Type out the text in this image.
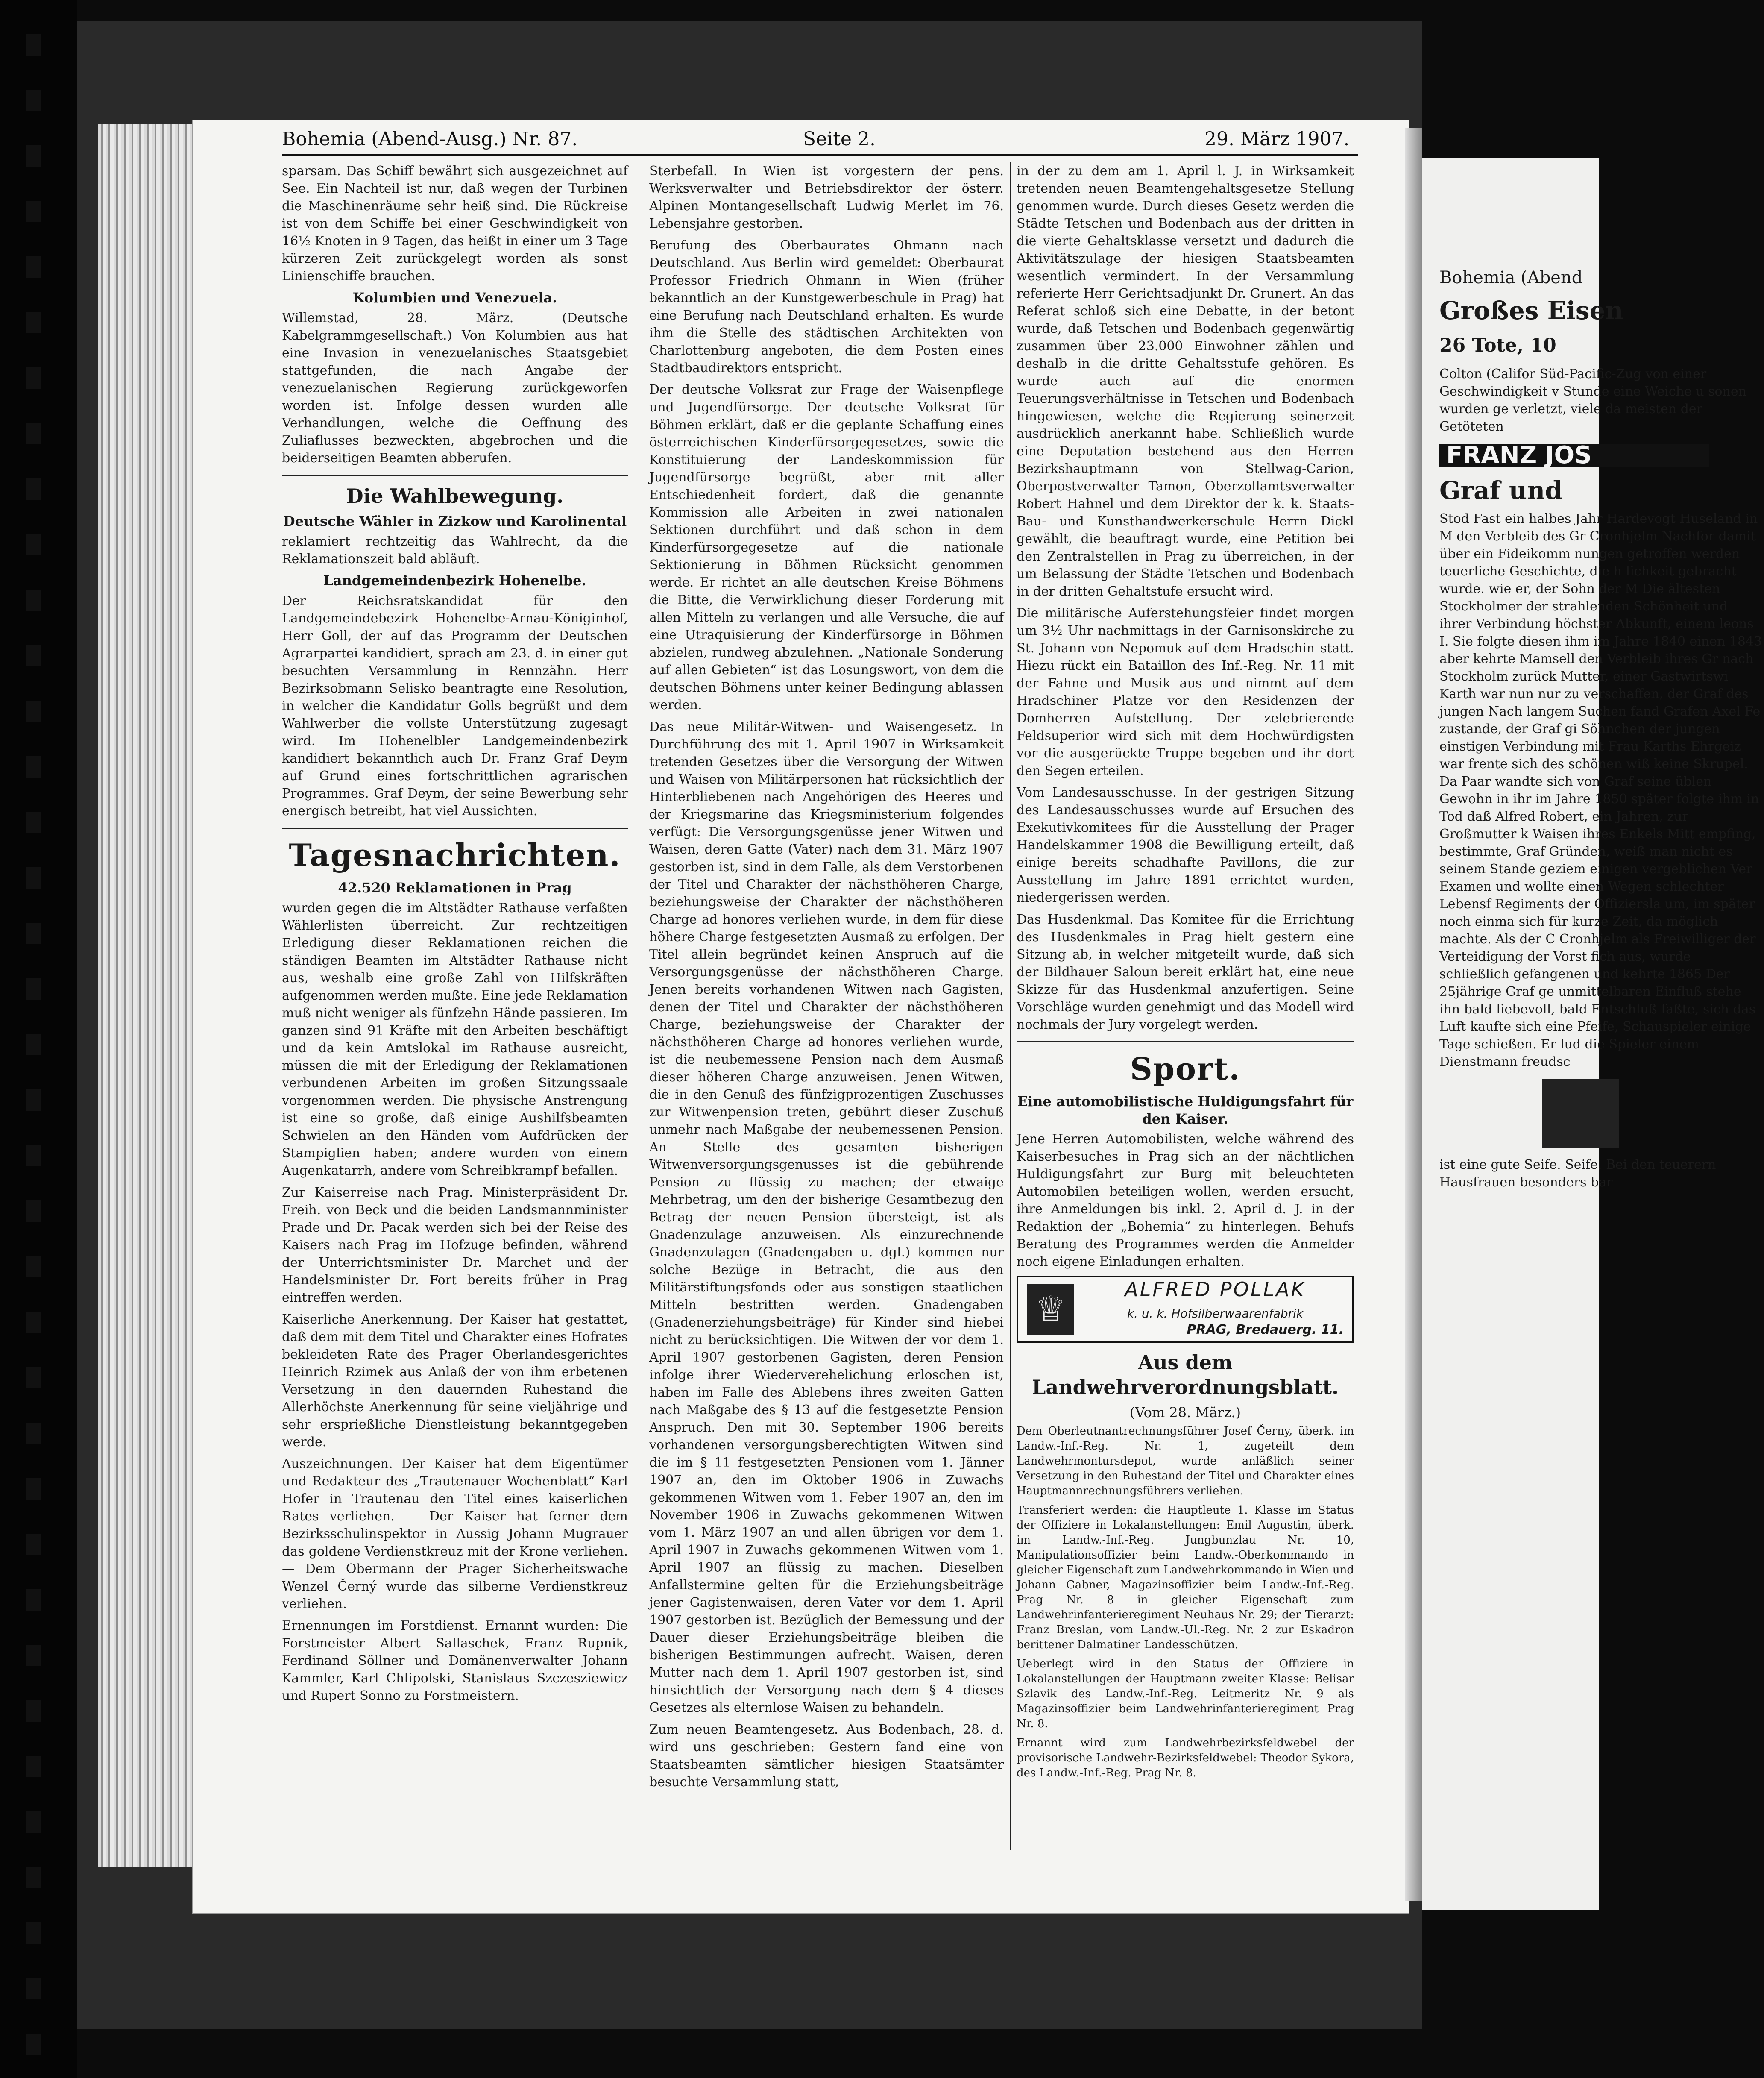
Bohemia (Abend-Ausg.) Nr. 87.	Seite 2.	29. März 1907.

sparsam. Das Schiff bewährt sich ausgezeichnet auf See. Ein Nachteil ist nur, daß wegen der Turbinen die Maschinenräume sehr heiß sind. Die Rückreise ist von dem Schiffe bei einer Geschwindigkeit von 16½ Knoten in 9 Tagen, das heißt in einer um 3 Tage kürzeren Zeit zurückgelegt worden als sonst Linienschiffe brauchen.

Kolumbien und Venezuela.

Willemstad, 28. März. (Deutsche Kabelgrammgesellschaft.) Von Kolumbien aus hat eine Invasion in venezuelanisches Staatsgebiet stattgefunden, die nach Angabe der venezuelanischen Regierung zurückgeworfen worden ist. Infolge dessen wurden alle Verhandlungen, welche die Oeffnung des Zuliaflusses bezweckten, abgebrochen und die beiderseitigen Beamten abberufen.

Die Wahlbewegung.
Deutsche Wähler in Zizkow und Karolinental

reklamiert rechtzeitig das Wahlrecht, da die Reklamationszeit bald abläuft.

Landgemeindenbezirk Hohenelbe.

Der Reichsratskandidat für den Landgemeindebezirk Hohenelbe-Arnau-Königinhof, Herr Goll, der auf das Programm der Deutschen Agrarpartei kandidiert, sprach am 23. d. in einer gut besuchten Versammlung in Rennzähn. Herr Bezirksobmann Selisko beantragte eine Resolution, in welcher die Kandidatur Golls begrüßt und dem Wahlwerber die vollste Unterstützung zugesagt wird. Im Hohenelbler Landgemeindenbezirk kandidiert bekanntlich auch Dr. Franz Graf Deym auf Grund eines fortschrittlichen agrarischen Programmes. Graf Deym, der seine Bewerbung sehr energisch betreibt, hat viel Aussichten.

Tagesnachrichten.
42.520 Reklamationen in Prag

wurden gegen die im Altstädter Rathause verfaßten Wählerlisten überreicht. Zur rechtzeitigen Erledigung dieser Reklamationen reichen die ständigen Beamten im Altstädter Rathause nicht aus, weshalb eine große Zahl von Hilfskräften aufgenommen werden mußte. Eine jede Reklamation muß nicht weniger als fünfzehn Hände passieren. Im ganzen sind 91 Kräfte mit den Arbeiten beschäftigt und da kein Amtslokal im Rathause ausreicht, müssen die mit der Erledigung der Reklamationen verbundenen Arbeiten im großen Sitzungssaale vorgenommen werden. Die physische Anstrengung ist eine so große, daß einige Aushilfsbeamten Schwielen an den Händen vom Aufdrücken der Stampiglien haben; andere wurden von einem Augenkatarrh, andere vom Schreibkrampf befallen.

Zur Kaiserreise nach Prag. Ministerpräsident Dr. Freih. von Beck und die beiden Landsmannminister Prade und Dr. Pacak werden sich bei der Reise des Kaisers nach Prag im Hofzuge befinden, während der Unterrichtsminister Dr. Marchet und der Handelsminister Dr. Fort bereits früher in Prag eintreffen werden.

Kaiserliche Anerkennung. Der Kaiser hat gestattet, daß dem mit dem Titel und Charakter eines Hofrates bekleideten Rate des Prager Oberlandesgerichtes Heinrich Rzimek aus Anlaß der von ihm erbetenen Versetzung in den dauernden Ruhestand die Allerhöchste Anerkennung für seine vieljährige und sehr ersprießliche Dienstleistung bekanntgegeben werde.

Auszeichnungen. Der Kaiser hat dem Eigentümer und Redakteur des „Trautenauer Wochenblatt“ Karl Hofer in Trautenau den Titel eines kaiserlichen Rates verliehen. — Der Kaiser hat ferner dem Bezirksschulinspektor in Aussig Johann Mugrauer das goldene Verdienstkreuz mit der Krone verliehen. — Dem Obermann der Prager Sicherheitswache Wenzel Černý wurde das silberne Verdienstkreuz verliehen.

Ernennungen im Forstdienst. Ernannt wurden: Die Forstmeister Albert Sallaschek, Franz Rupnik, Ferdinand Söllner und Domänenverwalter Johann Kammler, Karl Chlipolski, Stanislaus Szczesziewicz und Rupert Sonno zu Forstmeistern.

Sterbefall. In Wien ist vorgestern der pens. Werksverwalter und Betriebsdirektor der österr. Alpinen Montangesellschaft Ludwig Merlet im 76. Lebensjahre gestorben.

Berufung des Oberbaurates Ohmann nach Deutschland. Aus Berlin wird gemeldet: Oberbaurat Professor Friedrich Ohmann in Wien (früher bekanntlich an der Kunstgewerbeschule in Prag) hat eine Berufung nach Deutschland erhalten. Es wurde ihm die Stelle des städtischen Architekten von Charlottenburg angeboten, die dem Posten eines Stadtbaudirektors entspricht.

Der deutsche Volksrat zur Frage der Waisenpflege und Jugendfürsorge. Der deutsche Volksrat für Böhmen erklärt, daß er die geplante Schaffung eines österreichischen Kinderfürsorgegesetzes, sowie die Konstituierung der Landeskommission für Jugendfürsorge begrüßt, aber mit aller Entschiedenheit fordert, daß die genannte Kommission alle Arbeiten in zwei nationalen Sektionen durchführt und daß schon in dem Kinderfürsorgegesetze auf die nationale Sektionierung in Böhmen Rücksicht genommen werde. Er richtet an alle deutschen Kreise Böhmens die Bitte, die Verwirklichung dieser Forderung mit allen Mitteln zu verlangen und alle Versuche, die auf eine Utraquisierung der Kinderfürsorge in Böhmen abzielen, rundweg abzulehnen. „Nationale Sonderung auf allen Gebieten“ ist das Losungswort, von dem die deutschen Böhmens unter keiner Bedingung ablassen werden.

Das neue Militär-Witwen- und Waisengesetz. In Durchführung des mit 1. April 1907 in Wirksamkeit tretenden Gesetzes über die Versorgung der Witwen und Waisen von Militärpersonen hat rücksichtlich der Hinterbliebenen nach Angehörigen des Heeres und der Kriegsmarine das Kriegsministerium folgendes verfügt: Die Versorgungsgenüsse jener Witwen und Waisen, deren Gatte (Vater) nach dem 31. März 1907 gestorben ist, sind in dem Falle, als dem Verstorbenen der Titel und Charakter der nächsthöheren Charge, beziehungsweise der Charakter der nächsthöheren Charge ad honores verliehen wurde, in dem für diese höhere Charge festgesetzten Ausmaß zu erfolgen. Der Titel allein begründet keinen Anspruch auf die Versorgungsgenüsse der nächsthöheren Charge. Jenen bereits vorhandenen Witwen nach Gagisten, denen der Titel und Charakter der nächsthöheren Charge, beziehungsweise der Charakter der nächsthöheren Charge ad honores verliehen wurde, ist die neubemessene Pension nach dem Ausmaß dieser höheren Charge anzuweisen. Jenen Witwen, die in den Genuß des fünfzigprozentigen Zuschusses zur Witwenpension treten, gebührt dieser Zuschuß unmehr nach Maßgabe der neubemessenen Pension. An Stelle des gesamten bisherigen Witwenversorgungsgenusses ist die gebührende Pension zu flüssig zu machen; der etwaige Mehrbetrag, um den der bisherige Gesamtbezug den Betrag der neuen Pension übersteigt, ist als Gnadenzulage anzuweisen. Als einzurechnende Gnadenzulagen (Gnadengaben u. dgl.) kommen nur solche Bezüge in Betracht, die aus den Militärstiftungsfonds oder aus sonstigen staatlichen Mitteln bestritten werden. Gnadengaben (Gnadenerziehungsbeiträge) für Kinder sind hiebei nicht zu berücksichtigen. Die Witwen der vor dem 1. April 1907 gestorbenen Gagisten, deren Pension infolge ihrer Wiederverehelichung erloschen ist, haben im Falle des Ablebens ihres zweiten Gatten nach Maßgabe des § 13 auf die festgesetzte Pension Anspruch. Den mit 30. September 1906 bereits vorhandenen versorgungsberechtigten Witwen sind die im § 11 festgesetzten Pensionen vom 1. Jänner 1907 an, den im Oktober 1906 in Zuwachs gekommenen Witwen vom 1. Feber 1907 an, den im November 1906 in Zuwachs gekommenen Witwen vom 1. März 1907 an und allen übrigen vor dem 1. April 1907 in Zuwachs gekommenen Witwen vom 1. April 1907 an flüssig zu machen. Dieselben Anfallstermine gelten für die Erziehungsbeiträge jener Gagistenwaisen, deren Vater vor dem 1. April 1907 gestorben ist. Bezüglich der Bemessung und der Dauer dieser Erziehungsbeiträge bleiben die bisherigen Bestimmungen aufrecht. Waisen, deren Mutter nach dem 1. April 1907 gestorben ist, sind hinsichtlich der Versorgung nach dem § 4 dieses Gesetzes als elternlose Waisen zu behandeln.

Zum neuen Beamtengesetz. Aus Bodenbach, 28. d. wird uns geschrieben: Gestern fand eine von Staatsbeamten sämtlicher hiesigen Staatsämter besuchte Versammlung statt,

in der zu dem am 1. April l. J. in Wirksamkeit tretenden neuen Beamtengehaltsgesetze Stellung genommen wurde. Durch dieses Gesetz werden die Städte Tetschen und Bodenbach aus der dritten in die vierte Gehaltsklasse versetzt und dadurch die Aktivitätszulage der hiesigen Staatsbeamten wesentlich vermindert. In der Versammlung referierte Herr Gerichtsadjunkt Dr. Grunert. An das Referat schloß sich eine Debatte, in der betont wurde, daß Tetschen und Bodenbach gegenwärtig zusammen über 23.000 Einwohner zählen und deshalb in die dritte Gehaltsstufe gehören. Es wurde auch auf die enormen Teuerungsverhältnisse in Tetschen und Bodenbach hingewiesen, welche die Regierung seinerzeit ausdrücklich anerkannt habe. Schließlich wurde eine Deputation bestehend aus den Herren Bezirkshauptmann von Stellwag-Carion, Oberpostverwalter Tamon, Oberzollamtsverwalter Robert Hahnel und dem Direktor der k. k. Staats-Bau- und Kunsthandwerkerschule Herrn Dickl gewählt, die beauftragt wurde, eine Petition bei den Zentralstellen in Prag zu überreichen, in der um Belassung der Städte Tetschen und Bodenbach in der dritten Gehaltstufe ersucht wird.

Die militärische Auferstehungsfeier findet morgen um 3½ Uhr nachmittags in der Garnisonskirche zu St. Johann von Nepomuk auf dem Hradschin statt. Hiezu rückt ein Bataillon des Inf.-Reg. Nr. 11 mit der Fahne und Musik aus und nimmt auf dem Hradschiner Platze vor den Residenzen der Domherren Aufstellung. Der zelebrierende Feldsuperior wird sich mit dem Hochwürdigsten vor die ausgerückte Truppe begeben und ihr dort den Segen erteilen.

Vom Landesausschusse. In der gestrigen Sitzung des Landesausschusses wurde auf Ersuchen des Exekutivkomitees für die Ausstellung der Prager Handelskammer 1908 die Bewilligung erteilt, daß einige bereits schadhafte Pavillons, die zur Ausstellung im Jahre 1891 errichtet wurden, niedergerissen werden.

Das Husdenkmal. Das Komitee für die Errichtung des Husdenkmales in Prag hielt gestern eine Sitzung ab, in welcher mitgeteilt wurde, daß sich der Bildhauer Saloun bereit erklärt hat, eine neue Skizze für das Husdenkmal anzufertigen. Seine Vorschläge wurden genehmigt und das Modell wird nochmals der Jury vorgelegt werden.

Sport.
Eine automobilistische Huldigungsfahrt für den Kaiser.

Jene Herren Automobilisten, welche während des Kaiserbesuches in Prag sich an der nächtlichen Huldigungsfahrt zur Burg mit beleuchteten Automobilen beteiligen wollen, werden ersucht, ihre Anmeldungen bis inkl. 2. April d. J. in der Redaktion der „Bohemia“ zu hinterlegen. Behufs Beratung des Programmes werden die Anmelder noch eigene Einladungen erhalten.

♕
ALFRED POLLAK
k. u. k. Hofsilberwaarenfabrik
PRAG, Bredauerg. 11.
Aus dem Landwehrverordnungsblatt.
(Vom 28. März.)

Dem Oberleutnantrechnungsführer Josef Černy, überk. im Landw.-Inf.-Reg. Nr. 1, zugeteilt dem Landwehrmontursdepot, wurde anläßlich seiner Versetzung in den Ruhestand der Titel und Charakter eines Hauptmannrechnungsführers verliehen.

Transferiert werden: die Hauptleute 1. Klasse im Status der Offiziere in Lokalanstellungen: Emil Augustin, überk. im Landw.-Inf.-Reg. Jungbunzlau Nr. 10, Manipulationsoffizier beim Landw.-Oberkommando in gleicher Eigenschaft zum Landwehrkommando in Wien und Johann Gabner, Magazinsoffizier beim Landw.-Inf.-Reg. Prag Nr. 8 in gleicher Eigenschaft zum Landwehrinfanterieregiment Neuhaus Nr. 29; der Tierarzt: Franz Breslan, vom Landw.-Ul.-Reg. Nr. 2 zur Eskadron berittener Dalmatiner Landesschützen.

Ueberlegt wird in den Status der Offiziere in Lokalanstellungen der Hauptmann zweiter Klasse: Belisar Szlavik des Landw.-Inf.-Reg. Leitmeritz Nr. 9 als Magazinsoffizier beim Landwehrinfanterieregiment Prag Nr. 8.

Ernannt wird zum Landwehrbezirksfeldwebel der provisorische Landwehr-Bezirksfeldwebel: Theodor Sykora, des Landw.-Inf.-Reg. Prag Nr. 8.

Bohemia (Abend
Großes Eisen
26 Tote, 10

Colton (Califor Süd-Pacific-Zug von einer Geschwindigkeit v Stunde eine Weiche u sonen wurden ge verletzt, viele da meisten der Getöteten

FRANZ JOS
Graf und

Stod Fast ein halbes Jahr Hardevogt Huseland in M den Verbleib des Gr Cronhjelm Nachfor damit über ein Fideikomm nungen getroffen werden teuerliche Geschichte, die h lichkeit gebracht wurde. wie er, der Sohn der M Die ältesten Stockholmer der strahlenden Schönheit und ihrer Verbindung höchster Abkunft, einem leons I. Sie folgte diesen ihm im Jahre 1840 einen 1843 aber kehrte Mamsell den Verbleib ihres Gr nach Stockholm zurück Mutter, einer Gastwirtswi Karth war nun nur zu verschaffen, der Graf des jungen Nach langem Suchen fand Grafen Axel Fe zustande, der Graf gi Söhnchen der jungen einstigen Verbindung mit Frau Karths Ehrgeiz war frente sich des schönen wiß keine Skrupel. Da Paar wandte sich von Graf seine üblen Gewohn in ihr im Jahre 1850 später folgte ihm in Tod daß Alfred Robert, ein Jahren, zur Großmutter k Waisen ihres Enkels Mitt empfing, bestimmte, Graf Gründen, weiß man nicht es seinem Stande geziem einigen vergeblichen Ver Examen und wollte einen Wegen schlechter Lebensf Regiments der Offiziersla um, im später noch einma sich für kurze Zeit, da möglich machte. Als der C Cronhjelm als Freiwilliger der Verteidigung der Vorst fich aus, wurde schließlich gefangenen und kehrte 1865 Der 25jährige Graf ge unmittelbaren Einfluß stehe ihn bald liebevoll, bald Entschluß faßte, sich das Luft kaufte sich eine Pfeife, Schauspieler einige Tage schießen. Er lud die Spieler einem Dienstmann freudsc

ist eine gute Seife. Seife. Bei den teuerern Hausfrauen besonders bar
